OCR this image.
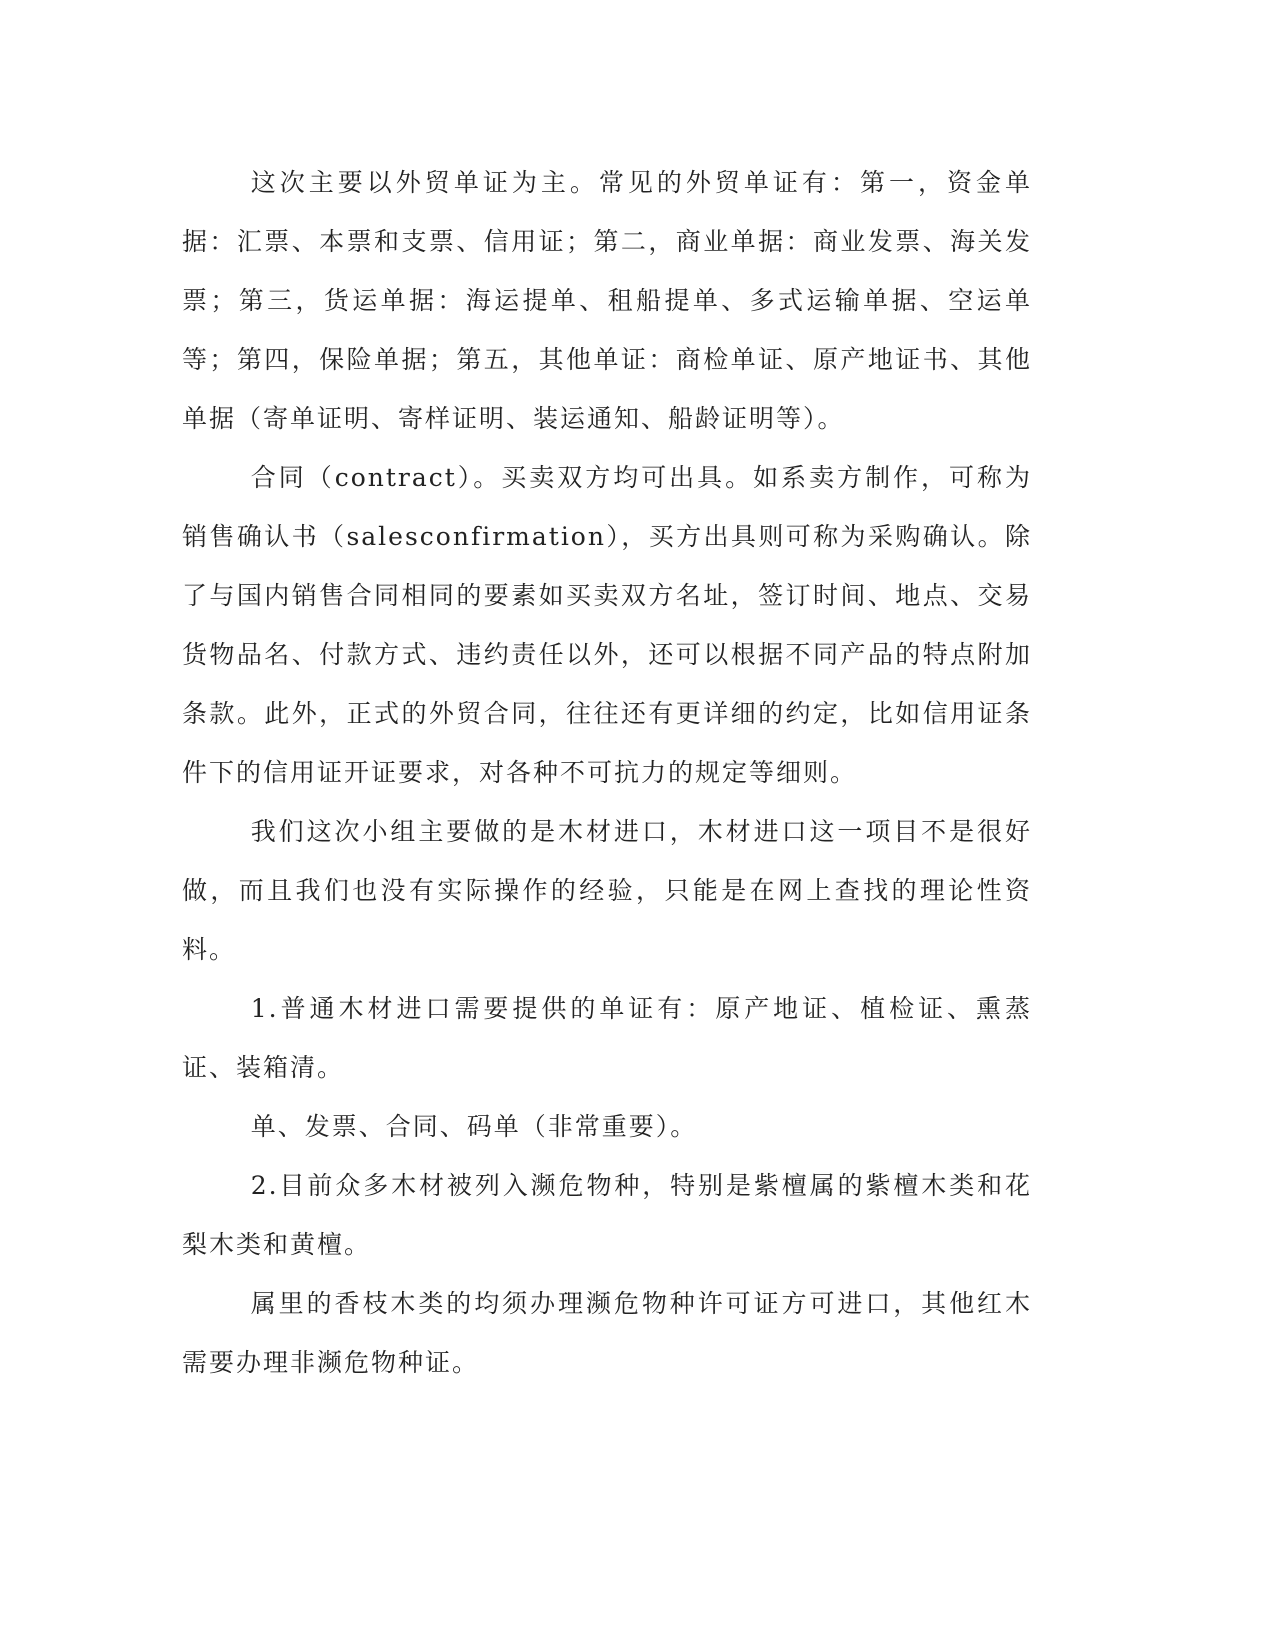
这次主要以外贸单证为主。常见的外贸单证有：第一，资金单据：汇票、本票和支票、信用证；第二，商业单据：商业发票、海关发票；第三，货运单据：海运提单、租船提单、多式运输单据、空运单等；第四，保险单据；第五，其他单证：商检单证、原产地证书、其他单据（寄单证明、寄样证明、装运通知、船龄证明等）。

合同（contract）。买卖双方均可出具。如系卖方制作，可称为销售确认书（salesconfirmation），买方出具则可称为采购确认。除了与国内销售合同相同的要素如买卖双方名址，签订时间、地点、交易货物品名、付款方式、违约责任以外，还可以根据不同产品的特点附加条款。此外，正式的外贸合同，往往还有更详细的约定，比如信用证条件下的信用证开证要求，对各种不可抗力的规定等细则。

我们这次小组主要做的是木材进口，木材进口这一项目不是很好做，而且我们也没有实际操作的经验，只能是在网上查找的理论性资料。

1.普通木材进口需要提供的单证有：原产地证、植检证、熏蒸证、装箱清。

单、发票、合同、码单（非常重要）。

2.目前众多木材被列入濒危物种，特别是紫檀属的紫檀木类和花梨木类和黄檀。

属里的香枝木类的均须办理濒危物种许可证方可进口，其他红木需要办理非濒危物种证。
